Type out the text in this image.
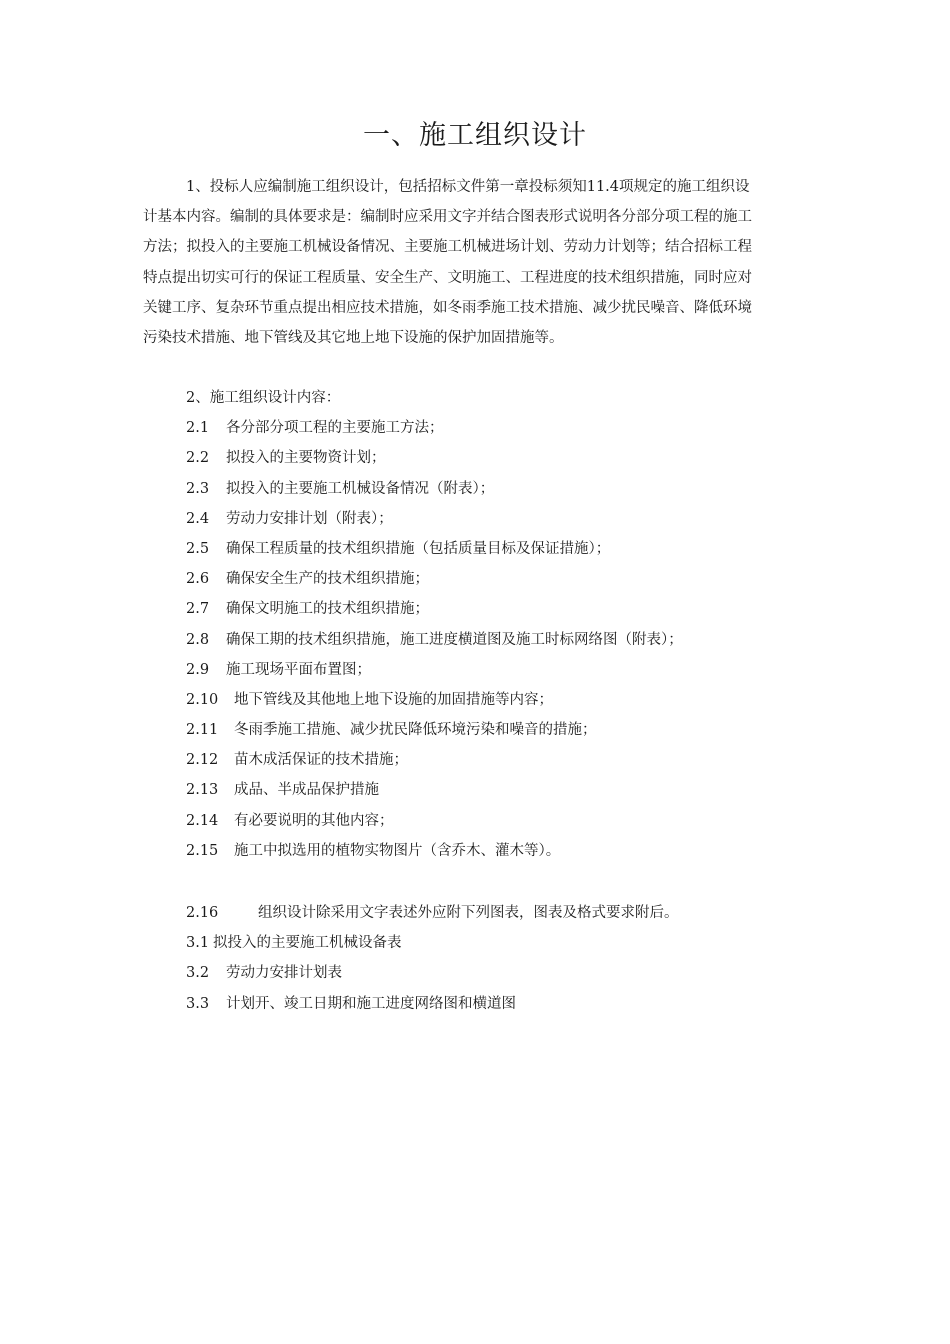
一、施工组织设计
1、投标人应编制施工组织设计，包括招标文件第一章投标须知11.4项规定的施工组织设
计基本内容。编制的具体要求是：编制时应采用文字并结合图表形式说明各分部分项工程的施工
方法；拟投入的主要施工机械设备情况、主要施工机械进场计划、劳动力计划等；结合招标工程
特点提出切实可行的保证工程质量、安全生产、文明施工、工程进度的技术组织措施，同时应对
关键工序、复杂环节重点提出相应技术措施，如冬雨季施工技术措施、减少扰民噪音、降低环境
污染技术措施、地下管线及其它地上地下设施的保护加固措施等。
2、施工组织设计内容：
2.1 各分部分项工程的主要施工方法；
2.2 拟投入的主要物资计划；
2.3 拟投入的主要施工机械设备情况（附表）；
2.4 劳动力安排计划（附表）；
2.5 确保工程质量的技术组织措施（包括质量目标及保证措施）；
2.6 确保安全生产的技术组织措施；
2.7 确保文明施工的技术组织措施；
2.8 确保工期的技术组织措施，施工进度横道图及施工时标网络图（附表）；
2.9 施工现场平面布置图；
2.10 地下管线及其他地上地下设施的加固措施等内容；
2.11 冬雨季施工措施、减少扰民降低环境污染和噪音的措施；
2.12 苗木成活保证的技术措施；
2.13 成品、半成品保护措施
2.14 有必要说明的其他内容；
2.15 施工中拟选用的植物实物图片（含乔木、灌木等）。
2.16	组织设计除采用文字表述外应附下列图表，图表及格式要求附后。
3.1 拟投入的主要施工机械设备表
3.2 劳动力安排计划表
3.3 计划开、竣工日期和施工进度网络图和横道图
